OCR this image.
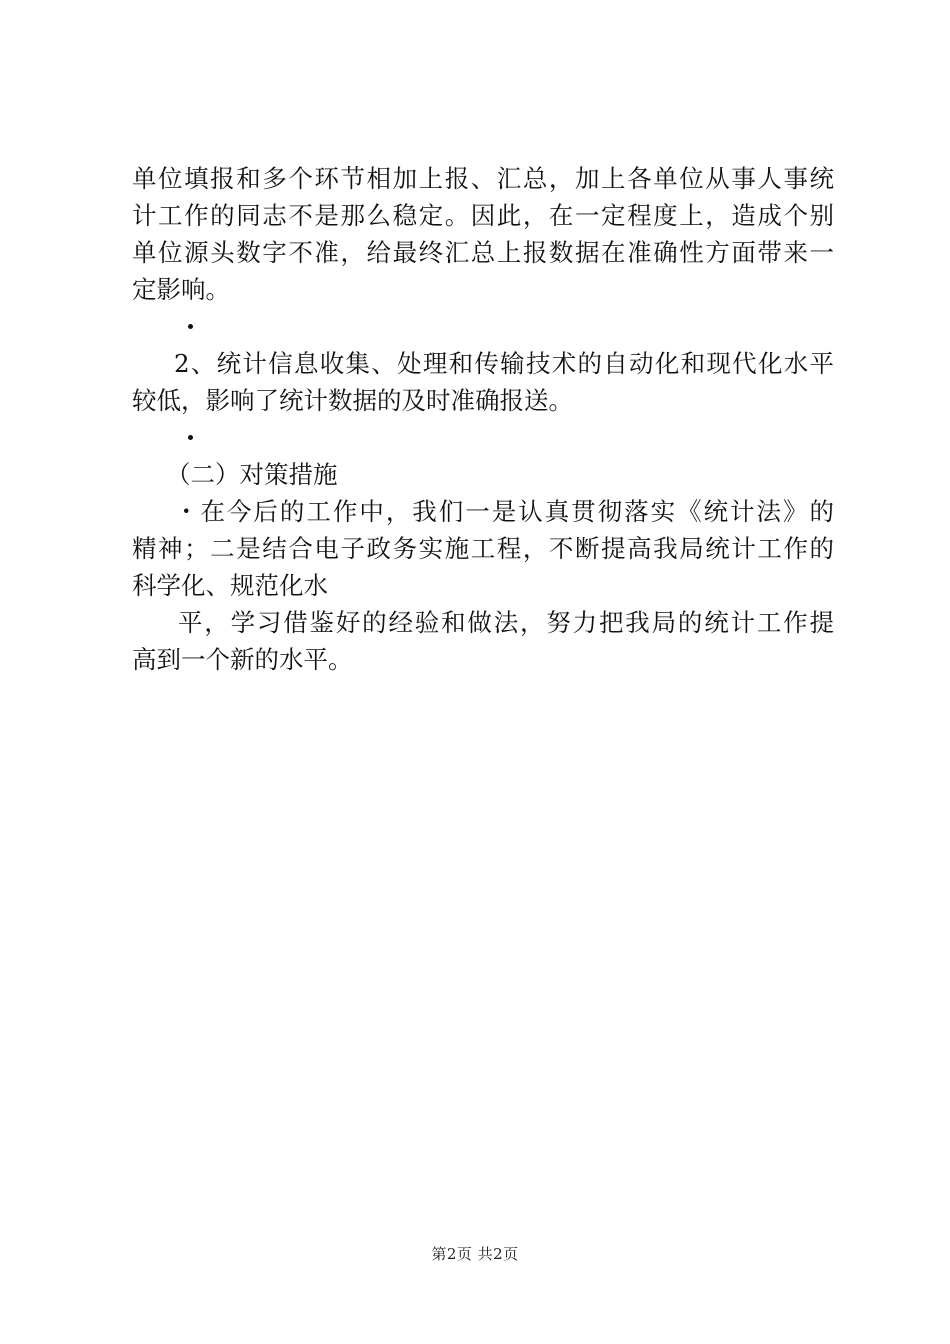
单位填报和多个环节相加上报、汇总，加上各单位从事人事统
计工作的同志不是那么稳定。因此，在一定程度上，造成个别
单位源头数字不准，给最终汇总上报数据在准确性方面带来一
定影响。
2、统计信息收集、处理和传输技术的自动化和现代化水平
较低，影响了统计数据的及时准确报送。
（二）对策措施
・在今后的工作中，我们一是认真贯彻落实《统计法》的
精神；二是结合电子政务实施工程，不断提高我局统计工作的
科学化、规范化水
平，学习借鉴好的经验和做法，努力把我局的统计工作提
高到一个新的水平。
第2页 共2页
